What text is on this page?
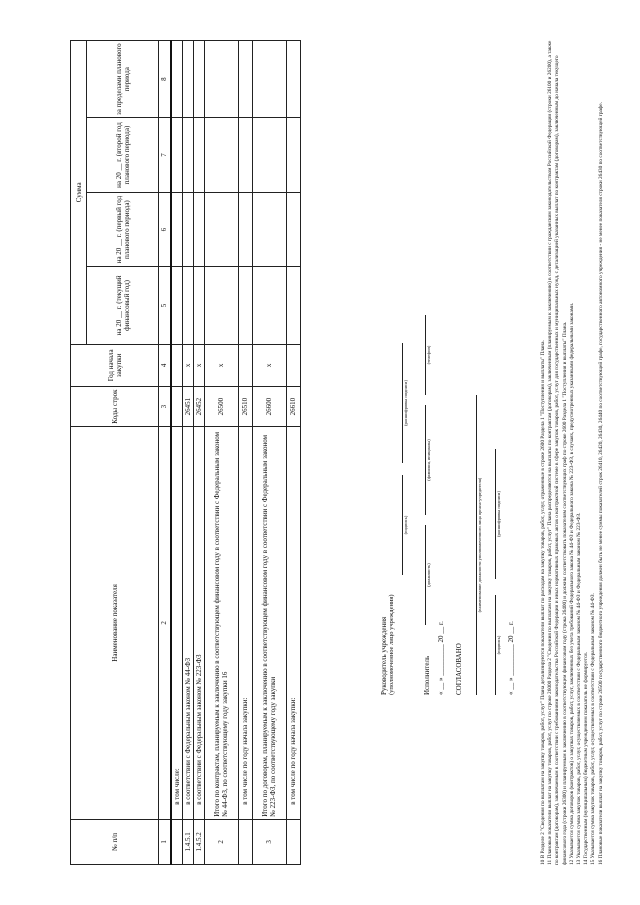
№ п/п	Наименование показателя	Коды строк	Год начала закупки	Сумма			
				на 20 __ г. (текущий финансовый год)	на 20 __ г. (первый год планового периода)	на 20 __ г. (второй год планового периода)	за пределами планового периода
1	2	3	4	5	6	7	8
	в том числе:						
1.4.5.1	в соответствии с Федеральным законом № 44-ФЗ	26451	x				
1.4.5.2	в соответствии с Федеральным законом № 223-ФЗ	26452	x				
2	Итого по контрактам, планируемым к заключению в соответствующем финансовом году в соответствии с Федеральным законом № 44-ФЗ, по соответствующему году закупки 16	26500	x				
	в том числе по году начала закупки:	26510					
3	Итого по договорам, планируемым к заключению в соответствующем финансовом году в соответствии с Федеральным законом № 223-ФЗ, по соответствующему году закупки	26600	x				
	в том числе по году начала закупки:	26610					
Руководитель учреждения (уполномоченное лицо учреждения)
(подпись)
(расшифровка подписи)
Исполнитель
(должность)
(фамилия, инициалы)
(телефон)
« __ » _________ 20 __ г. СОГЛАСОВАНО
(наименование должности уполномоченного лица органа-учредителя)
(подпись)
(расшифровка подписи)
« __ » _________ 20 __ г.	10 В Разделе 2 "Сведения по выплатам на закупку товаров, работ, услуг" Плана детализируются показатели выплат по расходам на закупку товаров, работ, услуг, отраженные в строке 2600 Раздела 1 "Поступления и выплаты" Плана. 11 Плановые показатели выплат на закупку товаров, работ, услуг по строке 26000 Раздела 2 "Сведения по выплатам на закупку товаров, работ, услуг" Плана распределяются на выплаты по контрактам (договорам), заключенным (планируемым к заключению) в соответствии с гражданским законодательством Российской Федерации (строки 26100 и 26200), а также по контрактам (договорам), заключаемым в соответствии с требованиями законодательства Российской Федерации и иных нормативных правовых актов о контрактной системе в сфере закупок товаров, работ, услуг для государственных и муниципальных нужд, с детализацией указанных выплат по контрактам (договорам), заключенным до начала текущего финансового года (строки 26300) и планируемым к заключению в соответствующем финансовом году (строка 26400) и должны соответствовать показателям соответствующих граф по строке 2600 Раздела 1 "Поступления и выплаты" Плана. 12 Указывается сумма договоров (контрактов) о закупках товаров, работ, услуг, заключенных без учета требований Федерального закона № 44-ФЗ и Федерального закона № 223-ФЗ, в случаях, предусмотренных указанными федеральными законами. 13 Указывается сумма закупок товаров, работ, услуг, осуществляемых в соответствии с Федеральным законом № 44-ФЗ и Федеральным законом № 223-ФЗ. 14 Государственным (муниципальным) бюджетным учреждением показатель не формируется. 15 Указывается сумма закупок товаров, работ, услуг, осуществляемых в соответствии с Федеральным законом № 44-ФЗ. 16 Плановые показатели выплат на закупку товаров, работ, услуг по строке 26500 государственного бюджетного учреждения должен быть не менее суммы показателей строк 26410, 26420, 26430, 26440 по соответствующей графе, государственного автономного учреждения - не менее показателя строки 26430 по соответствующей графе.
